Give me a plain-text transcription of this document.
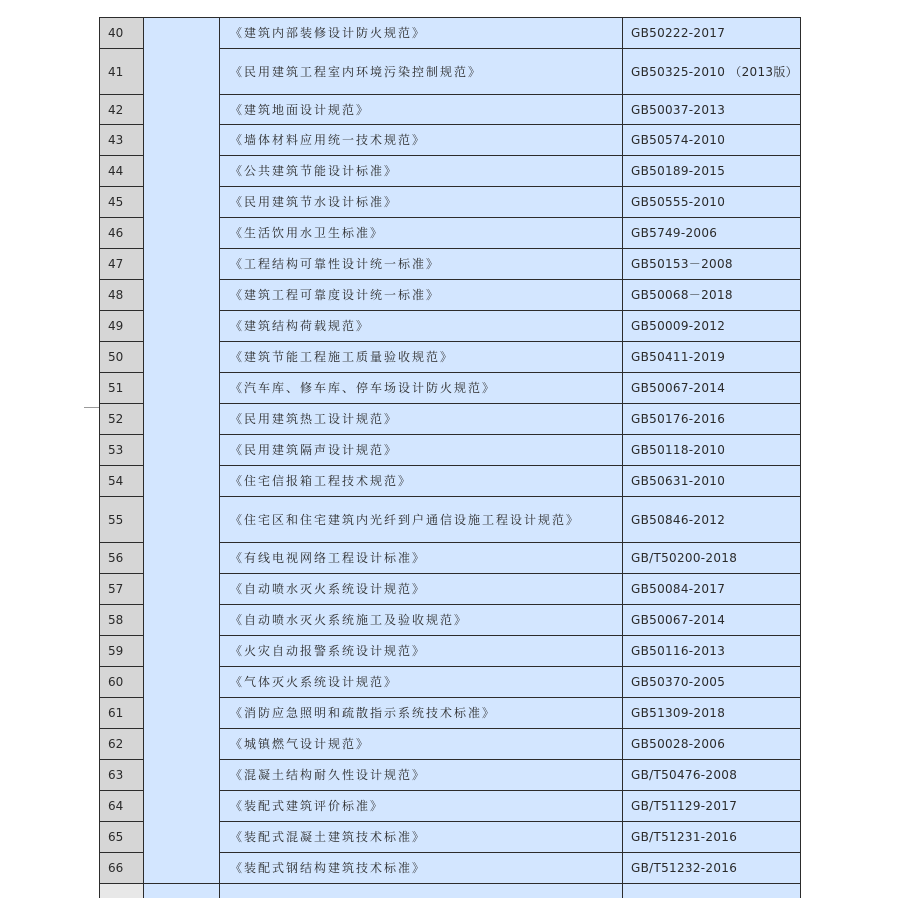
40		《建筑内部装修设计防火规范》	GB50222-2017
41		《民用建筑工程室内环境污染控制规范》	GB50325-2010 （2013版）
42		《建筑地面设计规范》	GB50037-2013
43		《墙体材料应用统一技术规范》	GB50574-2010
44		《公共建筑节能设计标准》	GB50189-2015
45		《民用建筑节水设计标准》	GB50555-2010
46		《生活饮用水卫生标准》	GB5749-2006
47		《工程结构可靠性设计统一标准》	GB50153－2008
48		《建筑工程可靠度设计统一标准》	GB50068－2018
49		《建筑结构荷载规范》	GB50009-2012
50		《建筑节能工程施工质量验收规范》	GB50411-2019
51		《汽车库、修车库、停车场设计防火规范》	GB50067-2014
52		《民用建筑热工设计规范》	GB50176-2016
53		《民用建筑隔声设计规范》	GB50118-2010
54		《住宅信报箱工程技术规范》	GB50631-2010
55		《住宅区和住宅建筑内光纤到户通信设施工程设计规范》	GB50846-2012
56		《有线电视网络工程设计标准》	GB/T50200-2018
57		《自动喷水灭火系统设计规范》	GB50084-2017
58		《自动喷水灭火系统施工及验收规范》	GB50067-2014
59		《火灾自动报警系统设计规范》	GB50116-2013
60		《气体灭火系统设计规范》	GB50370-2005
61		《消防应急照明和疏散指示系统技术标准》	GB51309-2018
62		《城镇燃气设计规范》	GB50028-2006
63		《混凝土结构耐久性设计规范》	GB/T50476-2008
64		《装配式建筑评价标准》	GB/T51129-2017
65		《装配式混凝土建筑技术标准》	GB/T51231-2016
66		《装配式钢结构建筑技术标准》	GB/T51232-2016
